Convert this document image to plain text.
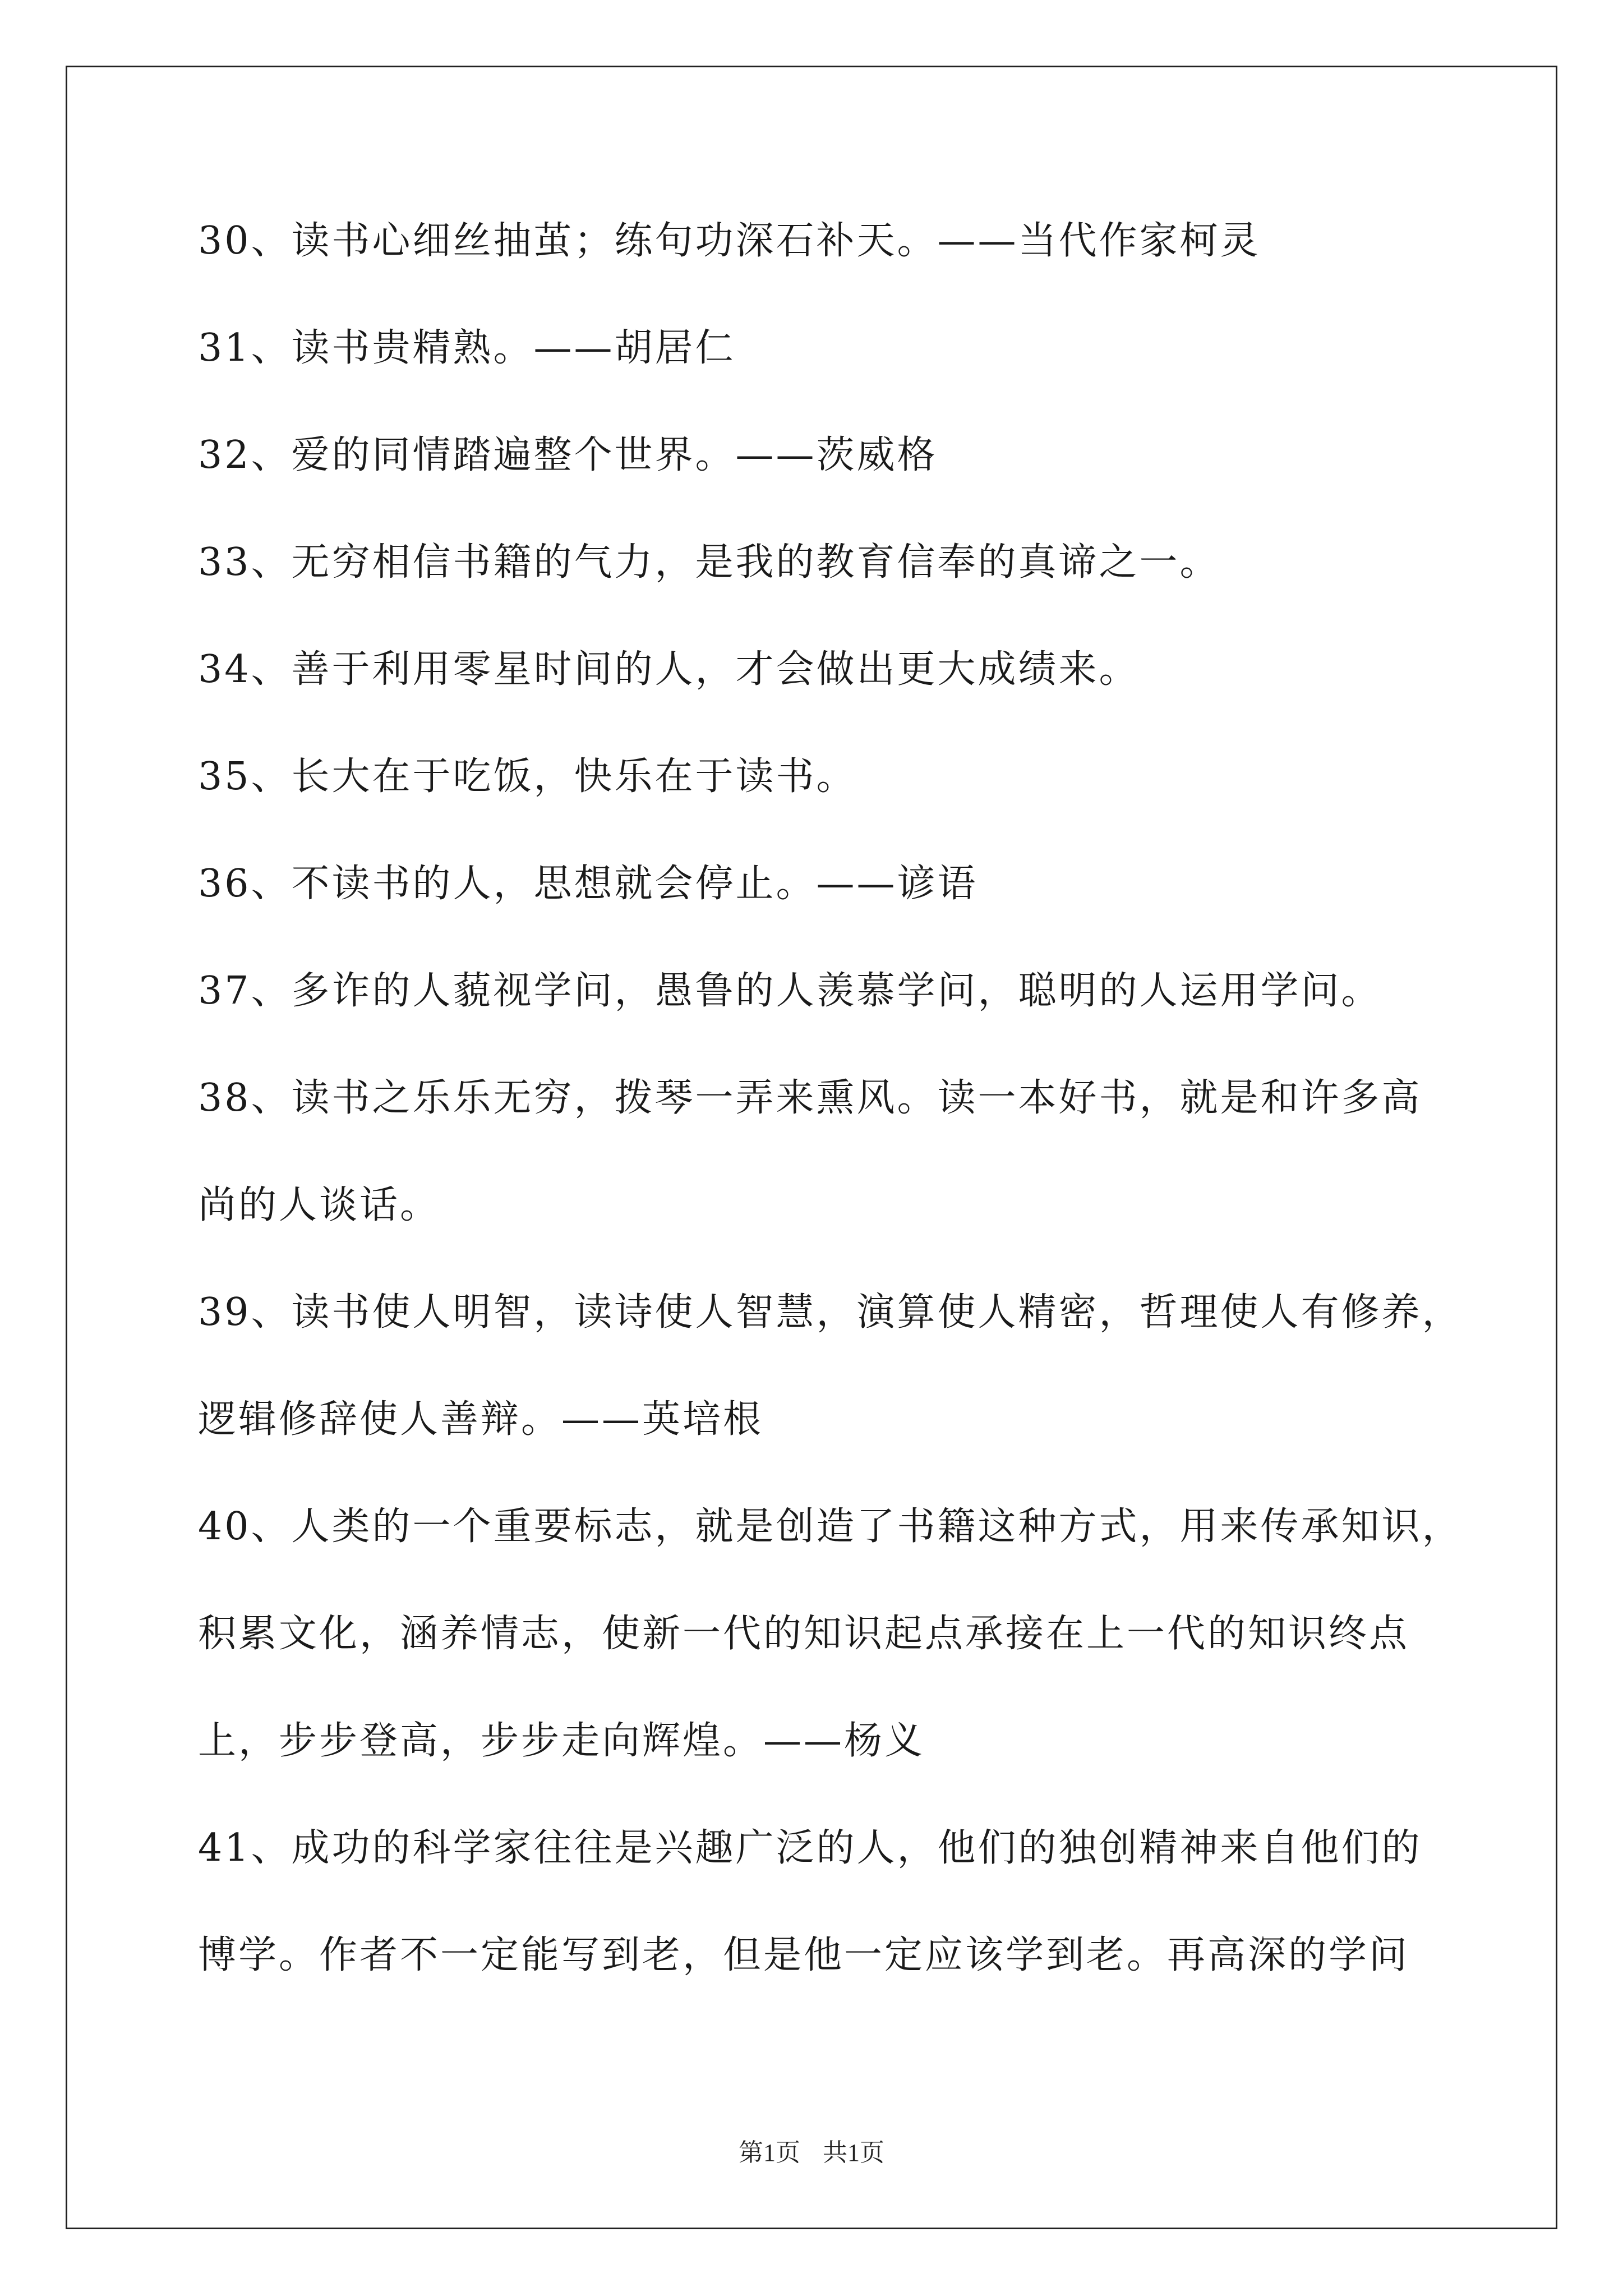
30、读书心细丝抽茧；练句功深石补天。——当代作家柯灵
31、读书贵精熟。——胡居仁
32、爱的同情踏遍整个世界。——茨威格
33、无穷相信书籍的气力，是我的教育信奉的真谛之一。
34、善于利用零星时间的人，才会做出更大成绩来。
35、长大在于吃饭，快乐在于读书。
36、不读书的人，思想就会停止。——谚语
37、多诈的人藐视学问，愚鲁的人羡慕学问，聪明的人运用学问。
38、读书之乐乐无穷，拨琴一弄来熏风。读一本好书，就是和许多高
尚的人谈话。
39、读书使人明智，读诗使人智慧，演算使人精密，哲理使人有修养，
逻辑修辞使人善辩。——英培根
40、人类的一个重要标志，就是创造了书籍这种方式，用来传承知识，
积累文化，涵养情志，使新一代的知识起点承接在上一代的知识终点
上，步步登高，步步走向辉煌。——杨义
41、成功的科学家往往是兴趣广泛的人，他们的独创精神来自他们的
博学。作者不一定能写到老，但是他一定应该学到老。再高深的学问
第1页 共1页
